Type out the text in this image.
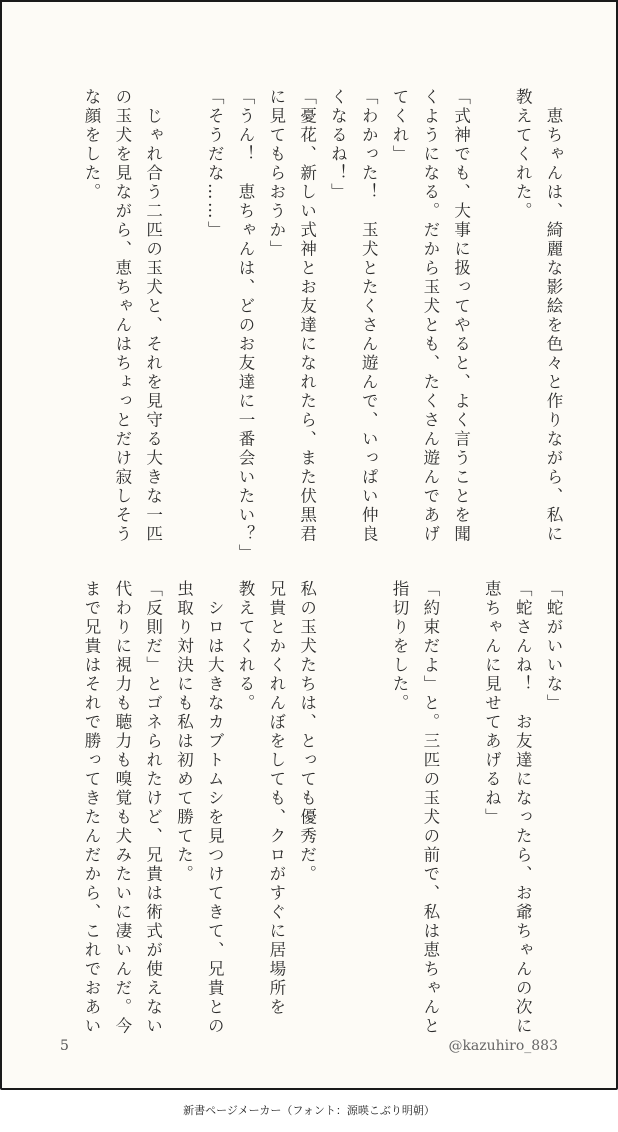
　恵ちゃんは、綺麗な影絵を色々と作りながら、私に
教えてくれた。

「式神でも、大事に扱ってやると、よく言うことを聞
くようになる。だから玉犬とも、たくさん遊んであげ
てくれ」
「わかった！　玉犬とたくさん遊んで、いっぱい仲良
くなるね！」
「憂花、新しい式神とお友達になれたら、また伏黒君
に見てもらおうか」
「うん！　恵ちゃんは、どのお友達に一番会いたい？」
「そうだな……」

　じゃれ合う二匹の玉犬と、それを見守る大きな一匹
の玉犬を見ながら、恵ちゃんはちょっとだけ寂しそう
な顔をした。
「蛇がいいな」
「蛇さんね！　お友達になったら、お爺ちゃんの次に
恵ちゃんに見せてあげるね」

「約束だよ」と。三匹の玉犬の前で、私は恵ちゃんと
指切りをした。

私の玉犬たちは、とっても優秀だ。
兄貴とかくれんぼをしても、クロがすぐに居場所を
教えてくれる。
　シロは大きなカブトムシを見つけてきて、兄貴との
虫取り対決にも私は初めて勝てた。
「反則だ」とゴネられたけど、兄貴は術式が使えない
代わりに視力も聴力も嗅覚も犬みたいに凄いんだ。今
まで兄貴はそれで勝ってきたんだから、これでおあい
5	@kazuhiro_883
新書ページメーカー（フォント：源暎こぶり明朝）
